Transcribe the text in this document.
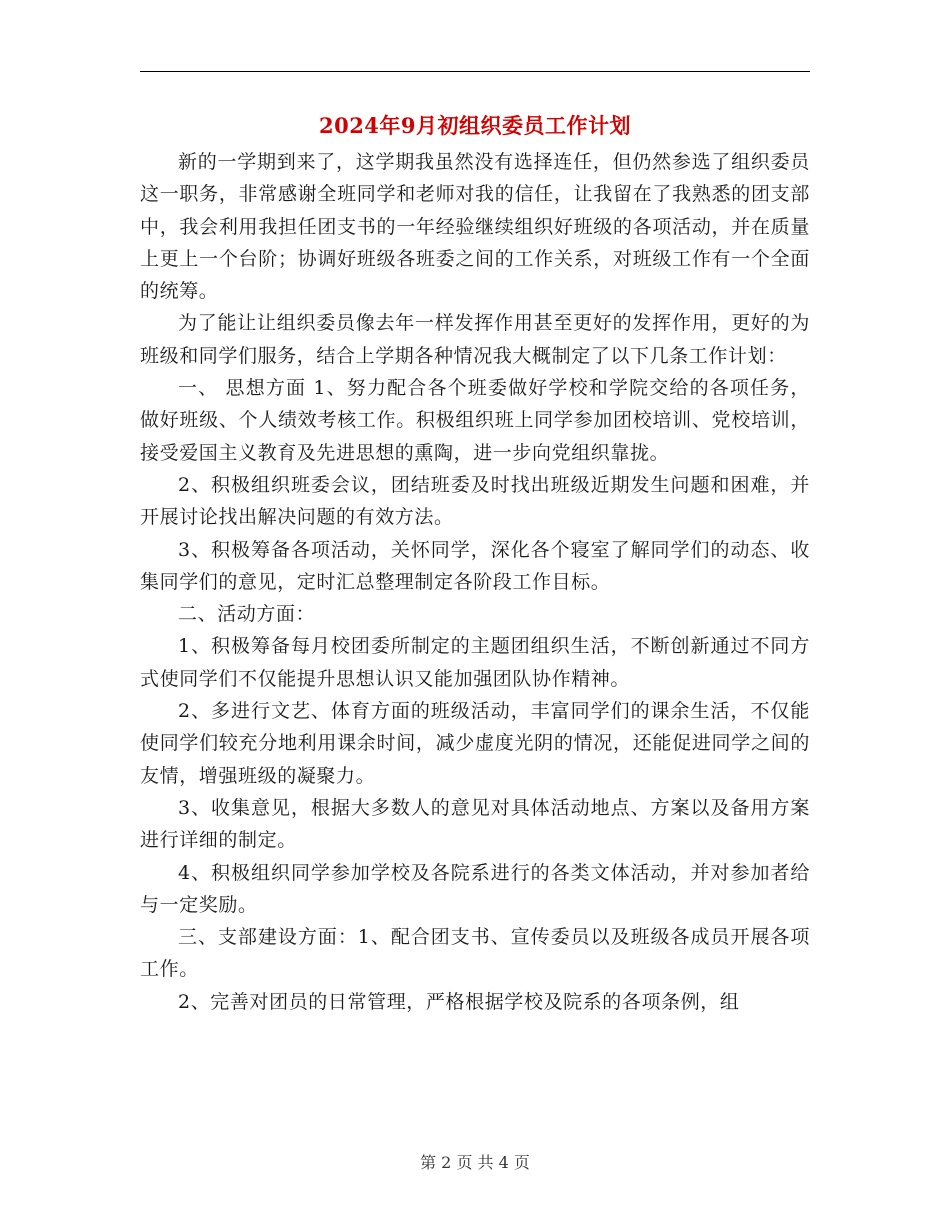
2024年9月初组织委员工作计划

新的一学期到来了，这学期我虽然没有选择连任，但仍然参选了组织委员这一职务，非常感谢全班同学和老师对我的信任，让我留在了我熟悉的团支部中，我会利用我担任团支书的一年经验继续组织好班级的各项活动，并在质量上更上一个台阶；协调好班级各班委之间的工作关系，对班级工作有一个全面的统筹。

为了能让让组织委员像去年一样发挥作用甚至更好的发挥作用，更好的为班级和同学们服务，结合上学期各种情况我大概制定了以下几条工作计划：

一、 思想方面 1、努力配合各个班委做好学校和学院交给的各项任务，做好班级、个人绩效考核工作。积极组织班上同学参加团校培训、党校培训，接受爱国主义教育及先进思想的熏陶，进一步向党组织靠拢。

2、积极组织班委会议，团结班委及时找出班级近期发生问题和困难，并开展讨论找出解决问题的有效方法。

3、积极筹备各项活动，关怀同学，深化各个寝室了解同学们的动态、收集同学们的意见，定时汇总整理制定各阶段工作目标。

二、活动方面：

1、积极筹备每月校团委所制定的主题团组织生活，不断创新通过不同方式使同学们不仅能提升思想认识又能加强团队协作精神。

2、多进行文艺、体育方面的班级活动，丰富同学们的课余生活，不仅能使同学们较充分地利用课余时间，减少虚度光阴的情况，还能促进同学之间的友情，增强班级的凝聚力。

3、收集意见，根据大多数人的意见对具体活动地点、方案以及备用方案进行详细的制定。

4、积极组织同学参加学校及各院系进行的各类文体活动，并对参加者给与一定奖励。

三、支部建设方面：1、配合团支书、宣传委员以及班级各成员开展各项工作。

2、完善对团员的日常管理，严格根据学校及院系的各项条例，组

第 2 页 共 4 页
